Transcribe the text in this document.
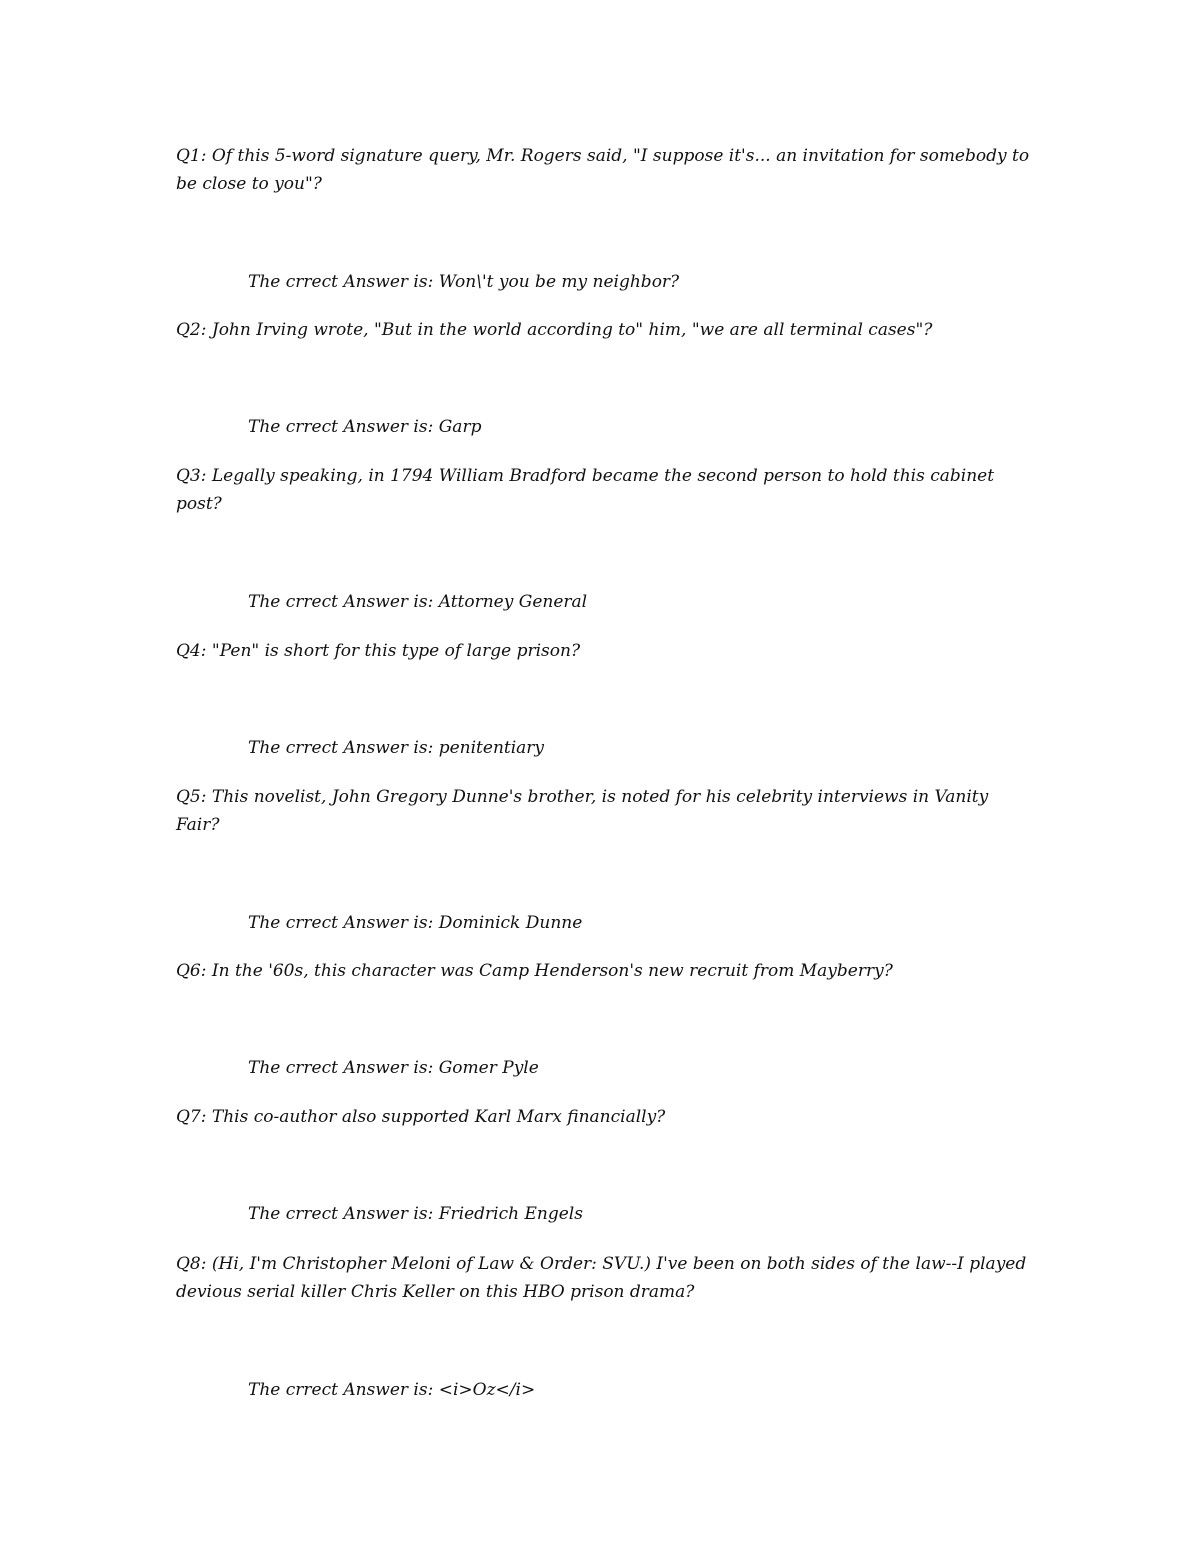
Q1: Of this 5-word signature query, Mr. Rogers said, "I suppose it's... an invitation for somebody to be close to you"?

The crrect Answer is: Won\'t you be my neighbor?

Q2: John Irving wrote, "But in the world according to" him, "we are all terminal cases"?

The crrect Answer is: Garp

Q3: Legally speaking, in 1794 William Bradford became the second person to hold this cabinet post?

The crrect Answer is: Attorney General

Q4: "Pen" is short for this type of large prison?

The crrect Answer is: penitentiary

Q5: This novelist, John Gregory Dunne's brother, is noted for his celebrity interviews in Vanity Fair?

The crrect Answer is: Dominick Dunne

Q6: In the '60s, this character was Camp Henderson's new recruit from Mayberry?

The crrect Answer is: Gomer Pyle

Q7: This co-author also supported Karl Marx financially?

The crrect Answer is: Friedrich Engels

Q8: (Hi, I'm Christopher Meloni of Law & Order: SVU.) I've been on both sides of the law--I played devious serial killer Chris Keller on this HBO prison drama?

The crrect Answer is: <i>Oz</i>
